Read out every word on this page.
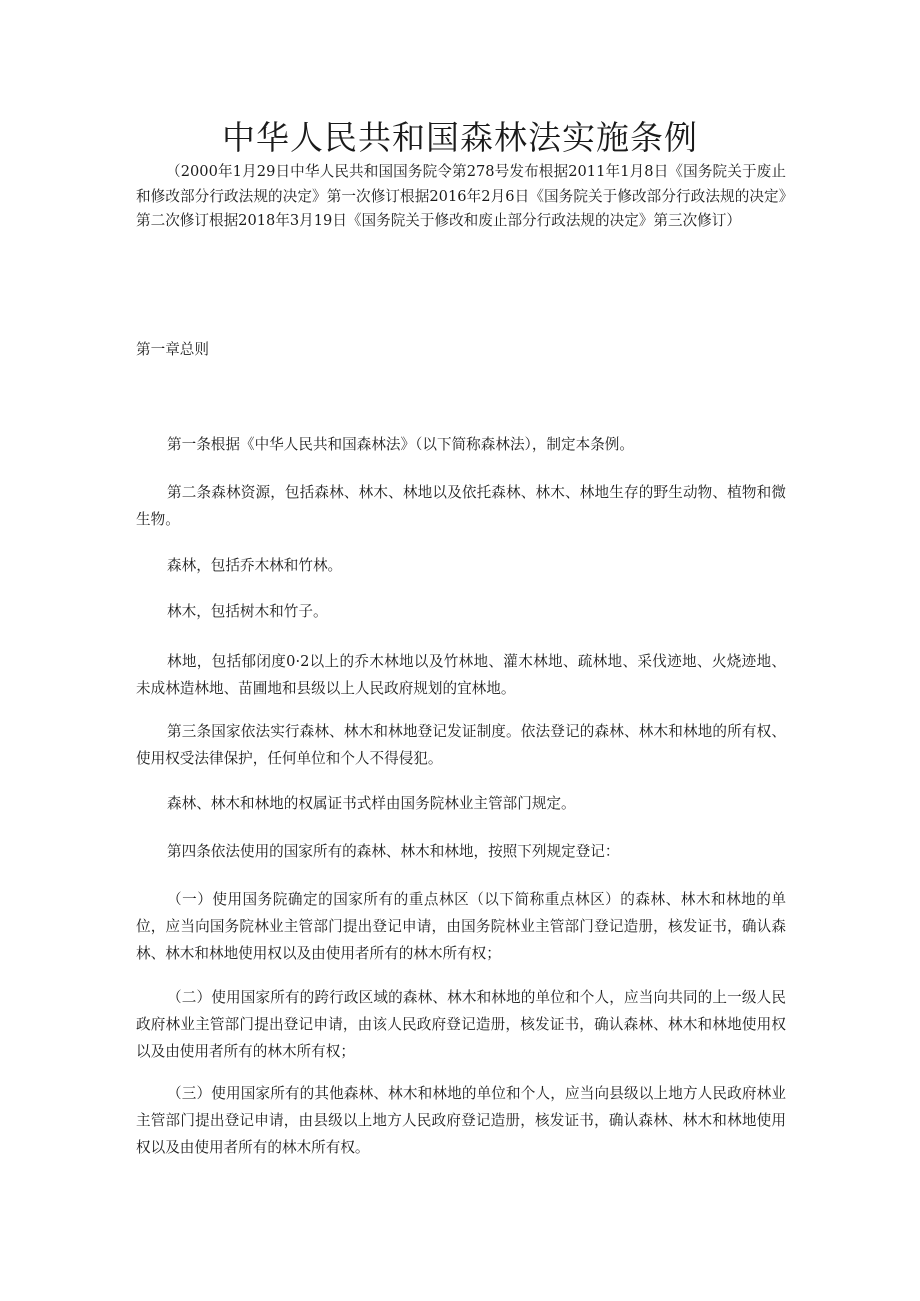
中华人民共和国森林法实施条例

（2000年1月29日中华人民共和国国务院令第278号发布根据2011年1月8日《国务院关于废止和修改部分行政法规的决定》第一次修订根据2016年2月6日《国务院关于修改部分行政法规的决定》第二次修订根据2018年3月19日《国务院关于修改和废止部分行政法规的决定》第三次修订）

第一章总则

第一条根据《中华人民共和国森林法》（以下简称森林法），制定本条例。

第二条森林资源，包括森林、林木、林地以及依托森林、林木、林地生存的野生动物、植物和微生物。

森林，包括乔木林和竹林。

林木，包括树木和竹子。

林地，包括郁闭度0·2以上的乔木林地以及竹林地、灌木林地、疏林地、采伐迹地、火烧迹地、未成林造林地、苗圃地和县级以上人民政府规划的宜林地。

第三条国家依法实行森林、林木和林地登记发证制度。依法登记的森林、林木和林地的所有权、使用权受法律保护，任何单位和个人不得侵犯。

森林、林木和林地的权属证书式样由国务院林业主管部门规定。

第四条依法使用的国家所有的森林、林木和林地，按照下列规定登记：

（一）使用国务院确定的国家所有的重点林区（以下简称重点林区）的森林、林木和林地的单位，应当向国务院林业主管部门提出登记申请，由国务院林业主管部门登记造册，核发证书，确认森林、林木和林地使用权以及由使用者所有的林木所有权；

（二）使用国家所有的跨行政区域的森林、林木和林地的单位和个人，应当向共同的上一级人民政府林业主管部门提出登记申请，由该人民政府登记造册，核发证书，确认森林、林木和林地使用权以及由使用者所有的林木所有权；

（三）使用国家所有的其他森林、林木和林地的单位和个人，应当向县级以上地方人民政府林业主管部门提出登记申请，由县级以上地方人民政府登记造册，核发证书，确认森林、林木和林地使用权以及由使用者所有的林木所有权。
